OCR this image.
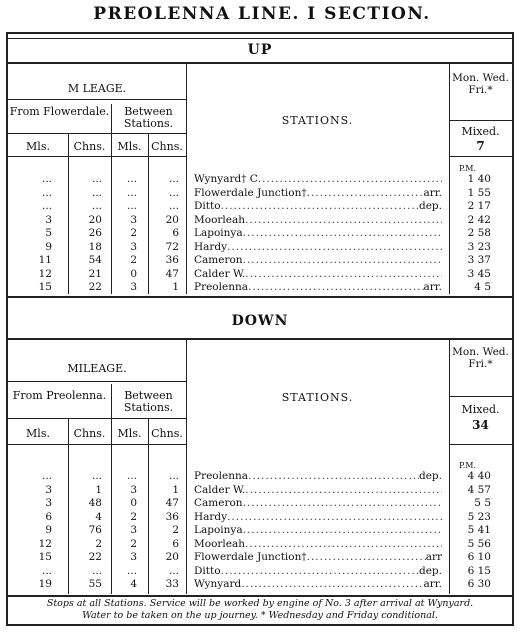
PREOLENNA LINE. I SECTION.
UP
M LEAGE.
From Flowerdale.	Between Stations.
Mls.	Chns.	Mls. Chns.
STATIONS.
Mon. Wed. Fri.*
Mixed.
7
P.M.
...	...	...	... Wynyard† C .....	1 40
...	...	...	... Flowerdale Junction† .....	arr.	1 55
...	...	...	... Ditto .....	dep.	2 17
3	20	3	20 Moorleah .....	2 42
5	26	2	6 Lapoinya .....	2 58
9	18	3	72 Hardy .....	3 23
11	54	2	36 Cameron .....	3 37
12	21	0	47 Calder W. .....	3 45
15	22	3	1 Preolenna .....	arr.	4 5
DOWN
MILEAGE.
From Preolenna.	Between Stations.
Mls.	Chns.	Mls. Chns.
STATIONS.
Mon. Wed. Fri.*
Mixed.
34
P.M.
...	...	...	... Preolenna .....	dep.	4 40
3	1	3	1 Calder W. .....	4 57
3	48	0	47 Cameron .....	5 5
6	4	2	36 Hardy .....	5 23
9	76	3	2 Lapoinya .....	5 41
12	2	2	6 Moorleah .....	5 56
15	22	3	20 Flowerdale Junction† .....	arr	6 10
...	...	...	... Ditto .....	dep.	6 15
19	55	4	33 Wynyard .....	arr.	6 30
Stops at all Stations. Service will be worked by engine of No. 3 after arrival at Wynyard.
Water to be taken on the up journey. * Wednesday and Friday conditional.
